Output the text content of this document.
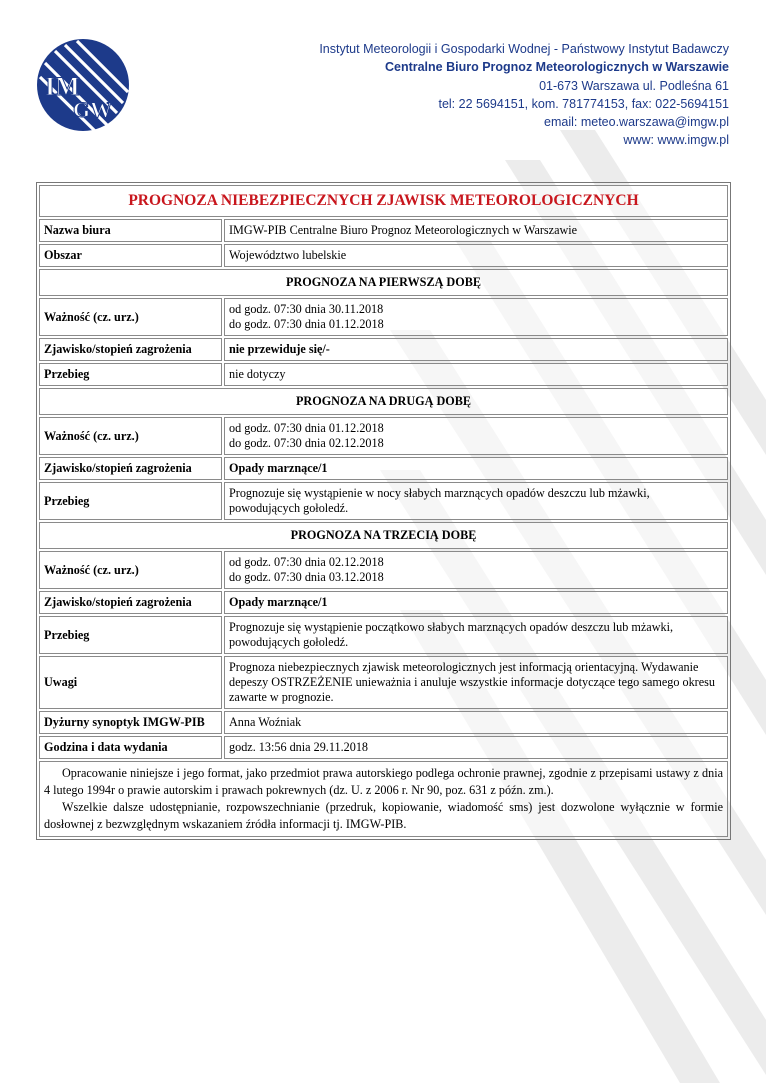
IM
GW
Instytut Meteorologii i Gospodarki Wodnej - Państwowy Instytut Badawczy
Centralne Biuro Prognoz Meteorologicznych w Warszawie
01-673 Warszawa ul. Podleśna 61
tel: 22 5694151, kom. 781774153, fax: 022-5694151
email: meteo.warszawa@imgw.pl
www: www.imgw.pl
PROGNOZA NIEBEZPIECZNYCH ZJAWISK METEOROLOGICZNYCH	
Nazwa biura	IMGW-PIB Centralne Biuro Prognoz Meteorologicznych w Warszawie
Obszar	Województwo lubelskie
PROGNOZA NA PIERWSZĄ DOBĘ	
Ważność (cz. urz.)	od godz. 07:30 dnia 30.11.2018
do godz. 07:30 dnia 01.12.2018

Zjawisko/stopień zagrożenia	nie przewiduje się/-
Przebieg	nie dotyczy
PROGNOZA NA DRUGĄ DOBĘ	
Ważność (cz. urz.)	od godz. 07:30 dnia 01.12.2018
do godz. 07:30 dnia 02.12.2018

Zjawisko/stopień zagrożenia	Opady marznące/1
Przebieg	Prognozuje się wystąpienie w nocy słabych marznących opadów deszczu lub mżawki, powodujących gołoledź.
PROGNOZA NA TRZECIĄ DOBĘ	
Ważność (cz. urz.)	od godz. 07:30 dnia 02.12.2018
do godz. 07:30 dnia 03.12.2018

Zjawisko/stopień zagrożenia	Opady marznące/1
Przebieg	Prognozuje się wystąpienie początkowo słabych marznących opadów deszczu lub mżawki, powodujących gołoledź.
Uwagi	Prognoza niebezpiecznych zjawisk meteorologicznych jest informacją orientacyjną. Wydawanie depeszy OSTRZEŻENIE unieważnia i anuluje wszystkie informacje dotyczące tego samego okresu zawarte w prognozie.
Dyżurny synoptyk IMGW-PIB	Anna Woźniak
Godzina i data wydania	godz. 13:56 dnia 29.11.2018

Opracowanie niniejsze i jego format, jako przedmiot prawa autorskiego podlega ochronie prawnej, zgodnie z przepisami ustawy z dnia 4 lutego 1994r o prawie autorskim i prawach pokrewnych (dz. U. z 2006 r. Nr 90, poz. 631 z późn. zm.).

Wszelkie dalsze udostępnianie, rozpowszechnianie (przedruk, kopiowanie, wiadomość sms) jest dozwolone wyłącznie w formie dosłownej z bezwzględnym wskazaniem źródła informacji tj. IMGW-PIB.	
